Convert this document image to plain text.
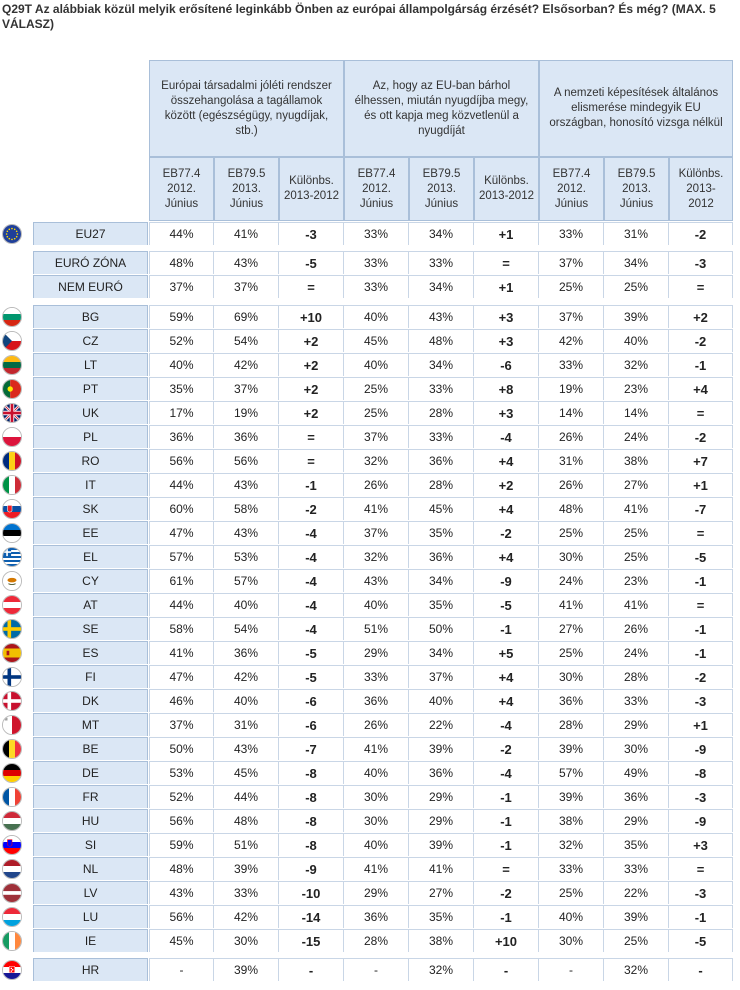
Q29T Az alábbiak közül melyik erősítené leginkább Önben az európai állampolgárság érzését? Elsősorban? És még? (MAX. 5 VÁLASZ)
Európai társadalmi jóléti rendszer összehangolása a tagállamok között (egészségügy, nyugdíjak, stb.)
EB77.4 2012. Június
EB79.5 2013. Június
Különbs. 2013-2012
Az, hogy az EU-ban bárhol élhessen, miután nyugdíjba megy, és ott kapja meg közvetlenül a nyugdíját
EB77.4 2012. Június
EB79.5 2013. Június
Különbs. 2013-2012
A nemzeti képesítések általános elismerése mindegyik EU országban, honosító vizsga nélkül
EB77.4 2012. Június
EB79.5 2013. Június
Különbs. 2013-2012
EU27	44%	41%	-3	33%	34%	+1	33%	31%	-2
EURÓ ZÓNA	48%	43%	-5	33%	33%	=	37%	34%	-3
NEM EURÓ	37%	37%	=	33%	34%	+1	25%	25%	=
BG	59%	69%	+10	40%	43%	+3	37%	39%	+2
CZ	52%	54%	+2	45%	48%	+3	42%	40%	-2
LT	40%	42%	+2	40%	34%	-6	33%	32%	-1
PT	35%	37%	+2	25%	33%	+8	19%	23%	+4
UK	17%	19%	+2	25%	28%	+3	14%	14%	=
PL	36%	36%	=	37%	33%	-4	26%	24%	-2
RO	56%	56%	=	32%	36%	+4	31%	38%	+7
IT	44%	43%	-1	26%	28%	+2	26%	27%	+1
SK	60%	58%	-2	41%	45%	+4	48%	41%	-7
EE	47%	43%	-4	37%	35%	-2	25%	25%	=
EL	57%	53%	-4	32%	36%	+4	30%	25%	-5
CY	61%	57%	-4	43%	34%	-9	24%	23%	-1
AT	44%	40%	-4	40%	35%	-5	41%	41%	=
SE	58%	54%	-4	51%	50%	-1	27%	26%	-1
ES	41%	36%	-5	29%	34%	+5	25%	24%	-1
FI	47%	42%	-5	33%	37%	+4	30%	28%	-2
DK	46%	40%	-6	36%	40%	+4	36%	33%	-3
MT	37%	31%	-6	26%	22%	-4	28%	29%	+1
BE	50%	43%	-7	41%	39%	-2	39%	30%	-9
DE	53%	45%	-8	40%	36%	-4	57%	49%	-8
FR	52%	44%	-8	30%	29%	-1	39%	36%	-3
HU	56%	48%	-8	30%	29%	-1	38%	29%	-9
SI	59%	51%	-8	40%	39%	-1	32%	35%	+3
NL	48%	39%	-9	41%	41%	=	33%	33%	=
LV	43%	33%	-10	29%	27%	-2	25%	22%	-3
LU	56%	42%	-14	36%	35%	-1	40%	39%	-1
IE	45%	30%	-15	28%	38%	+10	30%	25%	-5
HR	-	39%	-	-	32%	-	-	32%	-
